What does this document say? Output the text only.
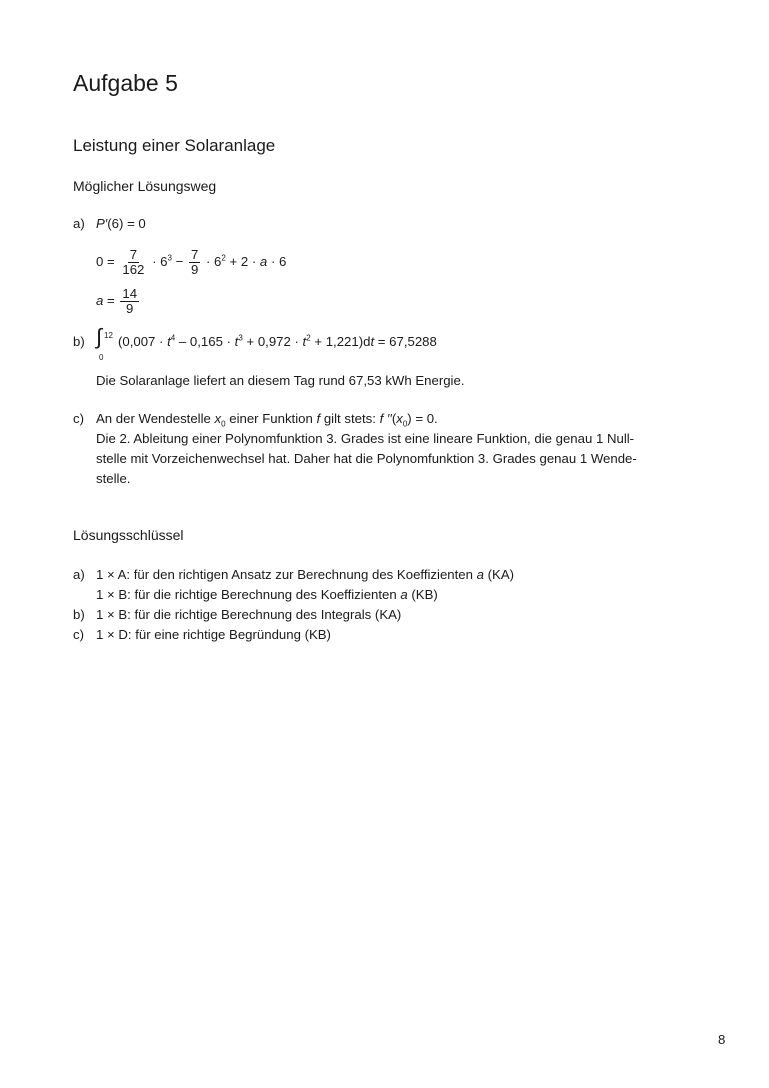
Aufgabe 5
Leistung einer Solaranlage
Möglicher Lösungsweg
a) P′(6) = 0
$0 = \frac{7}{162} \cdot 6^3 - \frac{7}{9} \cdot 6^2 + 2 \cdot a \cdot 6$
$a = \frac{14}{9}$
b) ∫ 12
0
$(0,007 \cdot t^4 - 0,165 \cdot t^3 + 0,972 \cdot t^2 + 1,221)dt = 67,5288$
Die Solaranlage liefert an diesem Tag rund 67,53 kWh Energie.
c) An der Wendestelle $x_0$ einer Funktion f gilt stets: f $''(x_0) = 0$.
Die 2. Ableitung einer Polynomfunktion 3. Grades ist eine lineare Funktion, die genau 1 Null-
stelle mit Vorzeichenwechsel hat. Daher hat die Polynomfunktion 3. Grades genau 1 Wende-
stelle.
Lösungsschlüssel
a) 1 × A: für den richtigen Ansatz zur Berechnung des Koeffizienten a (KA)
1 × B: für die richtige Berechnung des Koeffizienten a (KB)
b) 1 × B: für die richtige Berechnung des Integrals (KA)
c) 1 × D: für eine richtige Begründung (KB)
8
